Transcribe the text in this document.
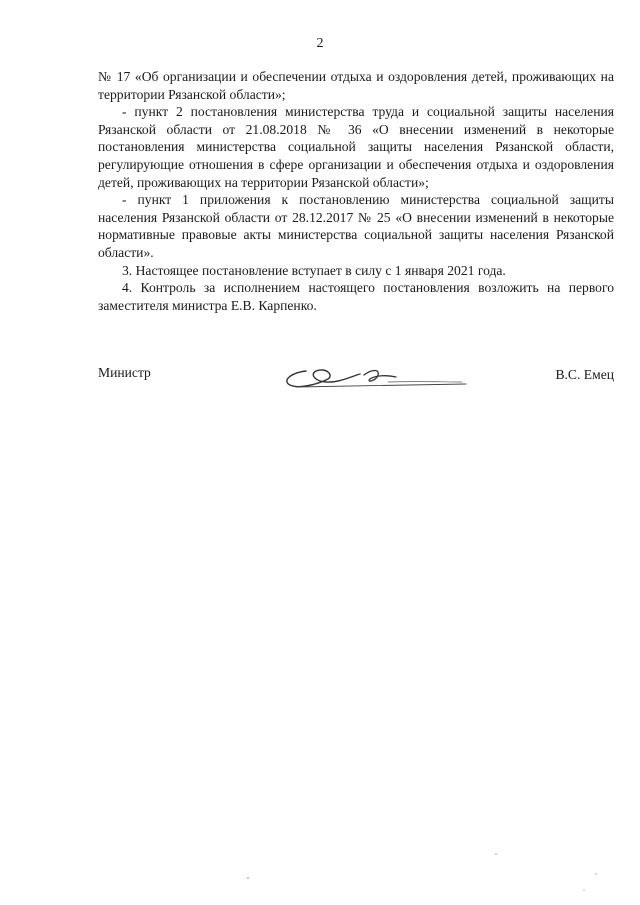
2

№ 17 «Об организации и обеспечении отдыха и оздоровления детей, проживающих на территории Рязанской области»;

- пункт 2 постановления министерства труда и социальной защиты населения Рязанской области от 21.08.2018 № 36 «О внесении изменений в некоторые постановления министерства социальной защиты населения Рязанской области, регулирующие отношения в сфере организации и обеспечения отдыха и оздоровления детей, проживающих на территории Рязанской области»;

- пункт 1 приложения к постановлению министерства социальной защиты населения Рязанской области от 28.12.2017 № 25 «О внесении изменений в некоторые нормативные правовые акты министерства социальной защиты населения Рязанской области».

3. Настоящее постановление вступает в силу с 1 января 2021 года.

4. Контроль за исполнением настоящего постановления возложить на первого заместителя министра Е.В. Карпенко.

Министр	В.С. Емец
